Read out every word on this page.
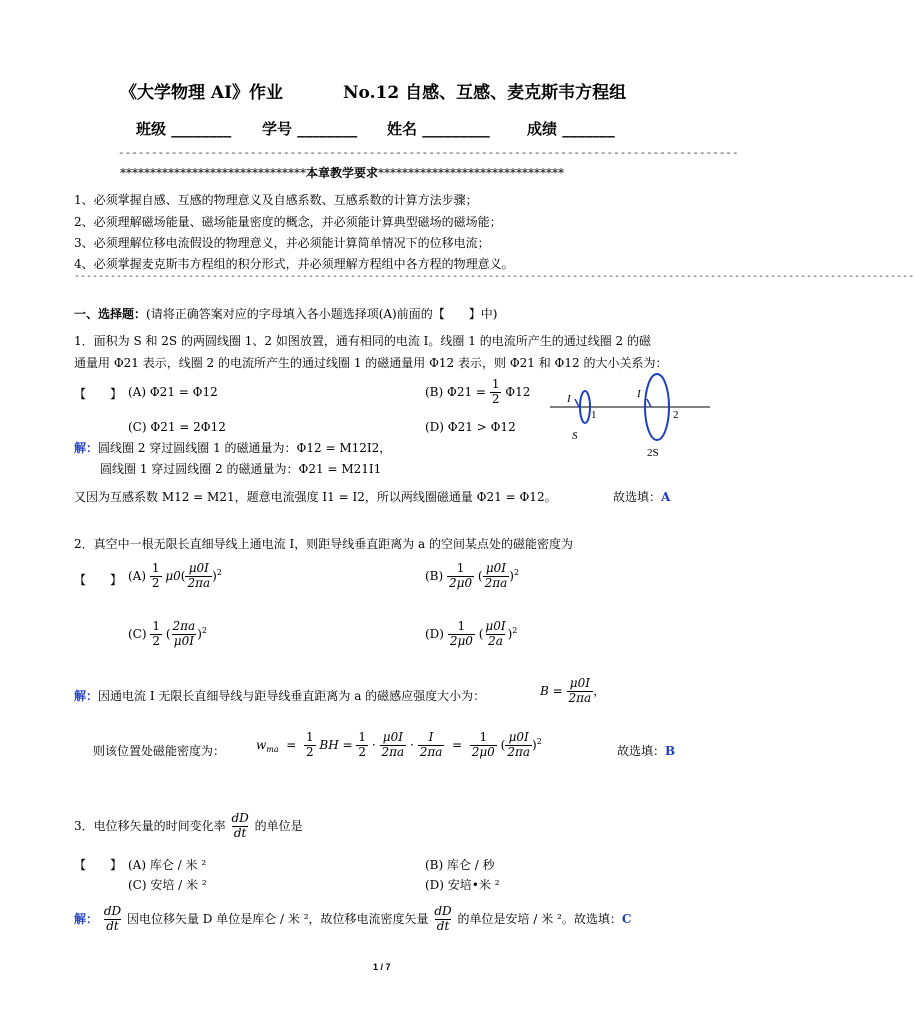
《大学物理 AI》作业	No.12 自感、互感、麦克斯韦方程组
班级 ________ 学号 ________ 姓名 _________ 成绩 _______
----------------------------------------------------------------------------------------------
*******************************本章教学要求*******************************
1、必须掌握自感、互感的物理意义及自感系数、互感系数的计算方法步骤；
2、必须理解磁场能量、磁场能量密度的概念，并必须能计算典型磁场的磁场能；
3、必须理解位移电流假设的物理意义，并必须能计算简单情况下的位移电流；
4、必须掌握麦克斯韦方程组的积分形式，并必须理解方程组中各方程的物理意义。
--------------------------------------------------------------------------------------------------------------------------------------------
一、选择题：(请将正确答案对应的字母填入各小题选择项(A)前面的【　　】中)
1．面积为 S 和 2S 的两圆线圈 1、2 如图放置，通有相同的电流 I。线圈 1 的电流所产生的通过线圈 2 的磁
通量用 Φ21 表示，线圈 2 的电流所产生的通过线圈 1 的磁通量用 Φ12 表示，则 Φ21 和 Φ12 的大小关系为：
【　　】 (A) Φ21 = Φ12	(B) $\Phi 21 = \frac{1}{2} \Phi 12$
(C) Φ21 = 2Φ12	(D) Φ21 > Φ12
I	I
1	2
S
2S
解：圆线圈 2 穿过圆线圈 1 的磁通量为：Φ12 = M12I2，
圆线圈 1 穿过圆线圈 2 的磁通量为：Φ21 = M21I1
又因为互感系数 M12 = M21，题意电流强度 I1 = I2，所以两线圈磁通量 Φ21 = Φ12。	故选填：A
2．真空中一根无限长直细导线上通电流 I，则距导线垂直距离为 a 的空间某点处的磁能密度为
【　　】 $(A) \frac{1}{2} \mu 0( \frac{\mu 0I}{2\pi a} )^2$	$(B) \frac{1}{2\mu 0}$ ( $\frac{\mu 0I}{2\pi a} )^2$
$(C) \frac{1}{2}$ ( $\frac{2\pi a}{\mu 0I} )^2$	$(D) \frac{1}{2\mu 0}$ ( $\frac{\mu 0I}{2a} )^2$
解：因通电流 I 无限长直细导线与距导线垂直距离为 a 的磁感应强度大小为：	$B = \frac{\mu 0I}{2\pi a}$ ，
则该位置处磁能密度为：	$w_{ma} = \frac{1}{2}$ BH = $\frac{1}{2} \cdot \frac{\mu 0I}{2\pi a} \cdot \frac{I}{2\pi a} = \frac{1}{2\mu 0}$ ( $\frac{\mu 0I}{2\pi a} )^2$
故选填：B
3．电位移矢量的时间变化率 $\frac{dD}{dt}$ 的单位是
【　　】 (A) 库仑 / 米 ²	(B) 库仑 / 秒
(C) 安培 / 米 ²	(D) 安培•米 ²
解： $\frac{dD}{dt}$ 因电位移矢量 D 单位是库仑 / 米 ²，故位移电流密度矢量 $\frac{dD}{dt}$ 的单位是安培 / 米 ²。故选填：C
1 / 7
